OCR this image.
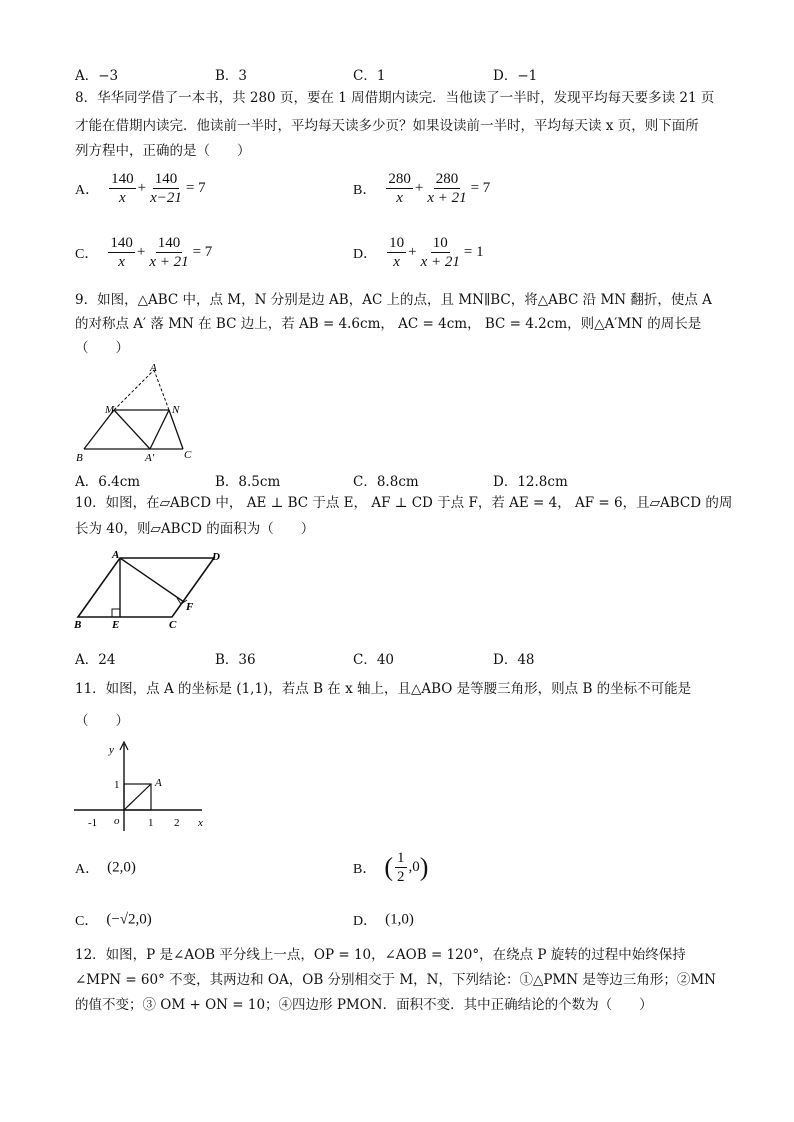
A．−3	B．3	C．1	D．−1
8．华华同学借了一本书，共 280 页，要在 1 周借期内读完．当他读了一半时，发现平均每天要多读 21 页
才能在借期内读完．他读前一半时，平均每天读多少页？如果设读前一半时，平均每天读 x 页，则下面所
列方程中，正确的是（　　）
A． $\frac{140}{x} + \frac{140}{x-21} = 7$	B． $\frac{280}{x} + \frac{280}{x + 21} = 7$
C． $\frac{140}{x} + \frac{140}{x + 21} = 7$	D． $\frac{10}{x} + \frac{10}{x + 21} = 1$
9．如图，△ABC 中，点 M，N 分别是边 AB，AC 上的点，且 MN∥BC，将△ABC 沿 MN 翻折，使点 A
的对称点 A′ 落 MN 在 BC 边上，若 AB = 4.6cm， AC = 4cm， BC = 4.2cm，则△A′MN 的周长是
（　　）
A
M	N
B	A′	C
A．6.4cm	B．8.5cm	C．8.8cm	D．12.8cm
10．如图，在▱ABCD 中， AE ⊥ BC 于点 E， AF ⊥ CD 于点 F，若 AE = 4， AF = 6，且▱ABCD 的周
长为 40，则▱ABCD 的面积为（　　）
A	D
F
B	E	C
A．24	B．36	C．40	D．48
11．如图，点 A 的坐标是 (1,1)，若点 B 在 x 轴上，且△ABO 是等腰三角形，则点 B 的坐标不可能是
（　　）
y
x
1	A
-1 o	1 2
A． (2,0)	B． ( $\frac{1}{2} ,0$)
C． (−√2,0)	D． (1,0)
12．如图，P 是∠AOB 平分线上一点，OP = 10，∠AOB = 120°，在绕点 P 旋转的过程中始终保持
∠MPN = 60° 不变，其两边和 OA，OB 分别相交于 M，N，下列结论：①△PMN 是等边三角形；②MN
的值不变；③ OM + ON = 10；④四边形 PMON．面积不变．其中正确结论的个数为（　　）
